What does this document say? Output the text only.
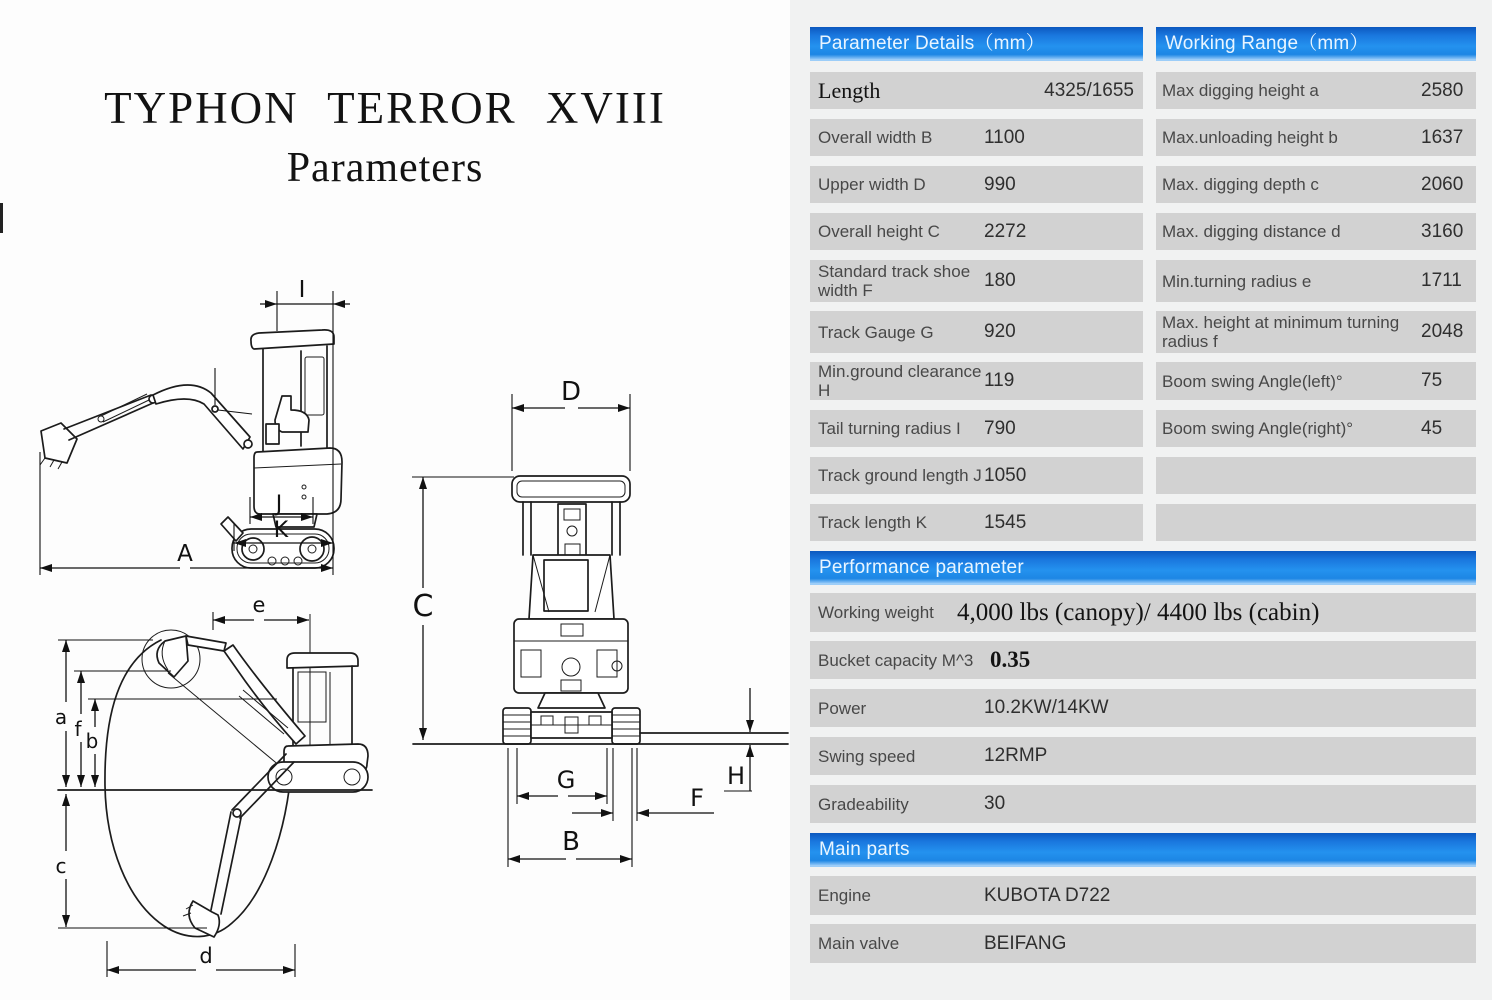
TYPHON TERROR XVIII
Parameters
I
J
K
A
D
C
H
G
F
B
e
a f b
c
d
Parameter Details（mm）	Working Range（mm）
Length	4325/1655	Max digging height a	2580
Overall width B	1100	Max.unloading height b	1637
Upper width D	990	Max. digging depth c	2060
Overall height C	2272	Max. digging distance d	3160
Standard track shoe width F	180	Min.turning radius e	1711
Track Gauge G	920	Max. height at minimum turning radius f	2048
Min.ground clearance H	119	Boom swing Angle(left)°	75
Tail turning radius I	790	Boom swing Angle(right)°	45
Track ground length J 1050
Track length K	1545
Performance parameter
Working weight 4,000 lbs (canopy)/ 4400 lbs (cabin)
Bucket capacity M^3 0.35
Power	10.2KW/14KW
Swing speed	12RMP
Gradeability	30
Main parts
Engine	KUBOTA D722
Main valve	BEIFANG
